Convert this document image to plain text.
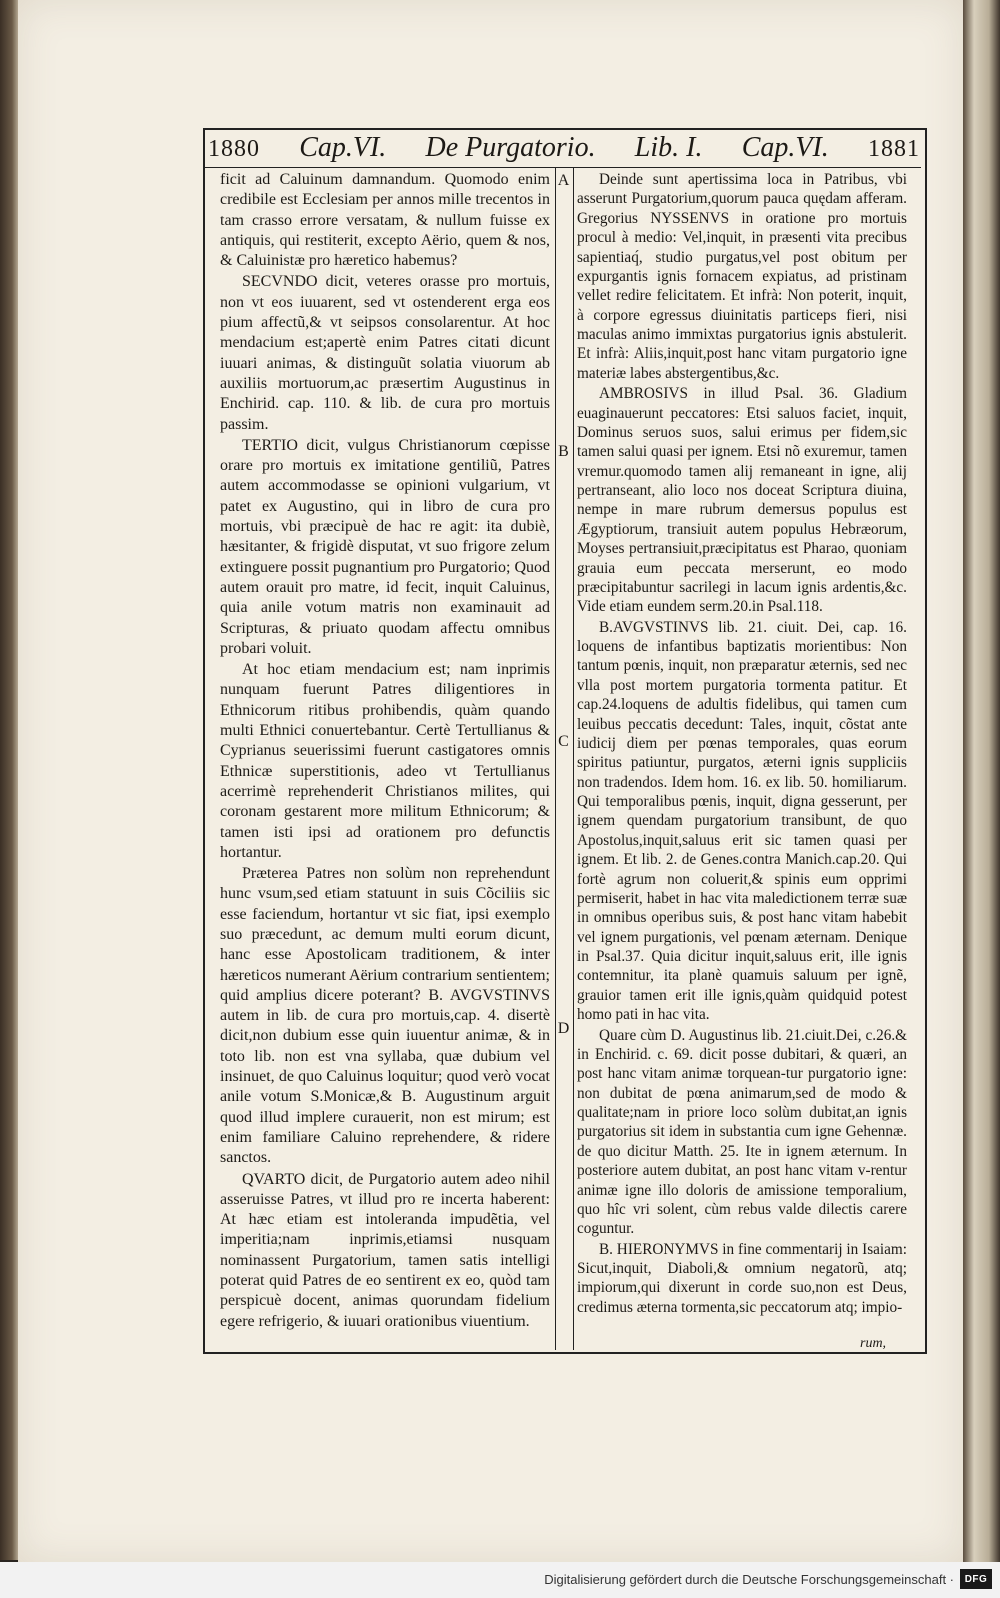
1880 Cap.VI. De Purgatorio. Lib. I. Cap.VI. 1881
A
B
C
D

ficit ad Caluinum damnandum. Quomodo enim credibile est Ecclesiam per annos mille trecentos in tam crasso errore versatam, & nullum fuisse ex antiquis, qui restiterit, excepto Aërio, quem & nos, & Caluinistæ pro hæretico habemus?

SECVNDO dicit, veteres orasse pro mortuis, non vt eos iuuarent, sed vt ostenderent erga eos pium affectũ,& vt seipsos consolarentur. At hoc mendacium est;apertè enim Patres citati dicunt iuuari animas, & distinguũt solatia viuorum ab auxiliis mortuorum,ac præsertim Augustinus in Enchirid. cap. 110. & lib. de cura pro mortuis passim.

TERTIO dicit, vulgus Christianorum cœpisse orare pro mortuis ex imitatione gentiliũ, Patres autem accommodasse se opinioni vulgarium, vt patet ex Augustino, qui in libro de cura pro mortuis, vbi præcipuè de hac re agit: ita dubiè, hæsitanter, & frigidè disputat, vt suo frigore zelum extinguere possit pugnantium pro Purgatorio; Quod autem orauit pro matre, id fecit, inquit Caluinus, quia anile votum matris non examinauit ad Scripturas, & priuato quodam affectu omnibus probari voluit.

At hoc etiam mendacium est; nam inprimis nunquam fuerunt Patres diligentiores in Ethnicorum ritibus prohibendis, quàm quando multi Ethnici conuertebantur. Certè Tertullianus & Cyprianus seuerissimi fuerunt castigatores omnis Ethnicæ superstitionis, adeo vt Tertullianus acerrimè reprehenderit Christianos milites, qui coronam gestarent more militum Ethnicorum; & tamen isti ipsi ad orationem pro defunctis hortantur.

Præterea Patres non solùm non reprehendunt hunc vsum,sed etiam statuunt in suis Cõciliis sic esse faciendum, hortantur vt sic fiat, ipsi exemplo suo præcedunt, ac demum multi eorum dicunt, hanc esse Apostolicam traditionem, & inter hæreticos numerant Aërium contrarium sentientem; quid amplius dicere poterant? B. AVGVSTINVS autem in lib. de cura pro mortuis,cap. 4. disertè dicit,non dubium esse quin iuuentur animæ, & in toto lib. non est vna syllaba, quæ dubium vel insinuet, de quo Caluinus loquitur; quod verò vocat anile votum S.Monicæ,& B. Augustinum arguit quod illud implere curauerit, non est mirum; est enim familiare Caluino reprehendere, & ridere sanctos.

QVARTO dicit, de Purgatorio autem adeo nihil asseruisse Patres, vt illud pro re incerta haberent: At hæc etiam est intoleranda impudẽtia, vel imperitia;nam inprimis,etiamsi nusquam nominassent Purgatorium, tamen satis intelligi poterat quid Patres de eo sentirent ex eo, quòd tam perspicuè docent, animas quorundam fidelium egere refrigerio, & iuuari orationibus viuentium.

Deinde sunt apertissima loca in Patribus, vbi asserunt Purgatorium,quorum pauca quędam afferam. Gregorius NYSSENVS in oratione pro mortuis procul à medio: Vel,inquit, in præsenti vita precibus sapientiaq́, studio purgatus,vel post obitum per expurgantis ignis fornacem expiatus, ad pristinam vellet redire felicitatem. Et infrà: Non poterit, inquit, à corpore egressus diuinitatis particeps fieri, nisi maculas animo immixtas purgatorius ignis abstulerit. Et infrà: Aliis,inquit,post hanc vitam purgatorio igne materiæ labes abstergentibus,&c.

AMBROSIVS in illud Psal. 36. Gladium euaginauerunt peccatores: Etsi saluos faciet, inquit, Dominus seruos suos, salui erimus per fidem,sic tamen salui quasi per ignem. Etsi nõ exuremur, tamen vremur.quomodo tamen alij remaneant in igne, alij pertranseant, alio loco nos doceat Scriptura diuina, nempe in mare rubrum demersus populus est Ægyptiorum, transiuit autem populus Hebræorum, Moyses pertransiuit,præcipitatus est Pharao, quoniam grauia eum peccata merserunt, eo modo præcipitabuntur sacrilegi in lacum ignis ardentis,&c. Vide etiam eundem serm.20.in Psal.118.

B.AVGVSTINVS lib. 21. ciuit. Dei, cap. 16. loquens de infantibus baptizatis morientibus: Non tantum pœnis, inquit, non præparatur æternis, sed nec vlla post mortem purgatoria tormenta patitur. Et cap.24.loquens de adultis fidelibus, qui tamen cum leuibus peccatis decedunt: Tales, inquit, cõstat ante iudicij diem per pœnas temporales, quas eorum spiritus patiuntur, purgatos, æterni ignis suppliciis non tradendos. Idem hom. 16. ex lib. 50. homiliarum. Qui temporalibus pœnis, inquit, digna gesserunt, per ignem quendam purgatorium transibunt, de quo Apostolus,inquit,saluus erit sic tamen quasi per ignem. Et lib. 2. de Genes.contra Manich.cap.20. Qui fortè agrum non coluerit,& spinis eum opprimi permiserit, habet in hac vita maledictionem terræ suæ in omnibus operibus suis, & post hanc vitam habebit vel ignem purgationis, vel pœnam æternam. Denique in Psal.37. Quia dicitur inquit,saluus erit, ille ignis contemnitur, ita planè quamuis saluum per ignẽ, grauior tamen erit ille ignis,quàm quidquid potest homo pati in hac vita.

Quare cùm D. Augustinus lib. 21.ciuit.Dei, c.26.& in Enchirid. c. 69. dicit posse dubitari, & quæri, an post hanc vitam animæ torquean-tur purgatorio igne: non dubitat de pœna animarum,sed de modo & qualitate;nam in priore loco solùm dubitat,an ignis purgatorius sit idem in substantia cum igne Gehennæ. de quo dicitur Matth. 25. Ite in ignem æternum. In posteriore autem dubitat, an post hanc vitam v-rentur animæ igne illo doloris de amissione temporalium, quo hîc vri solent, cùm rebus valde dilectis carere coguntur.

B. HIERONYMVS in fine commentarij in Isaiam: Sicut,inquit, Diaboli,& omnium negatorũ, atq; impiorum,qui dixerunt in corde suo,non est Deus, credimus æterna tormenta,sic peccatorum atq; impio-

rum,
Digitalisierung gefördert durch die Deutsche Forschungsgemeinschaft ·	DFG
